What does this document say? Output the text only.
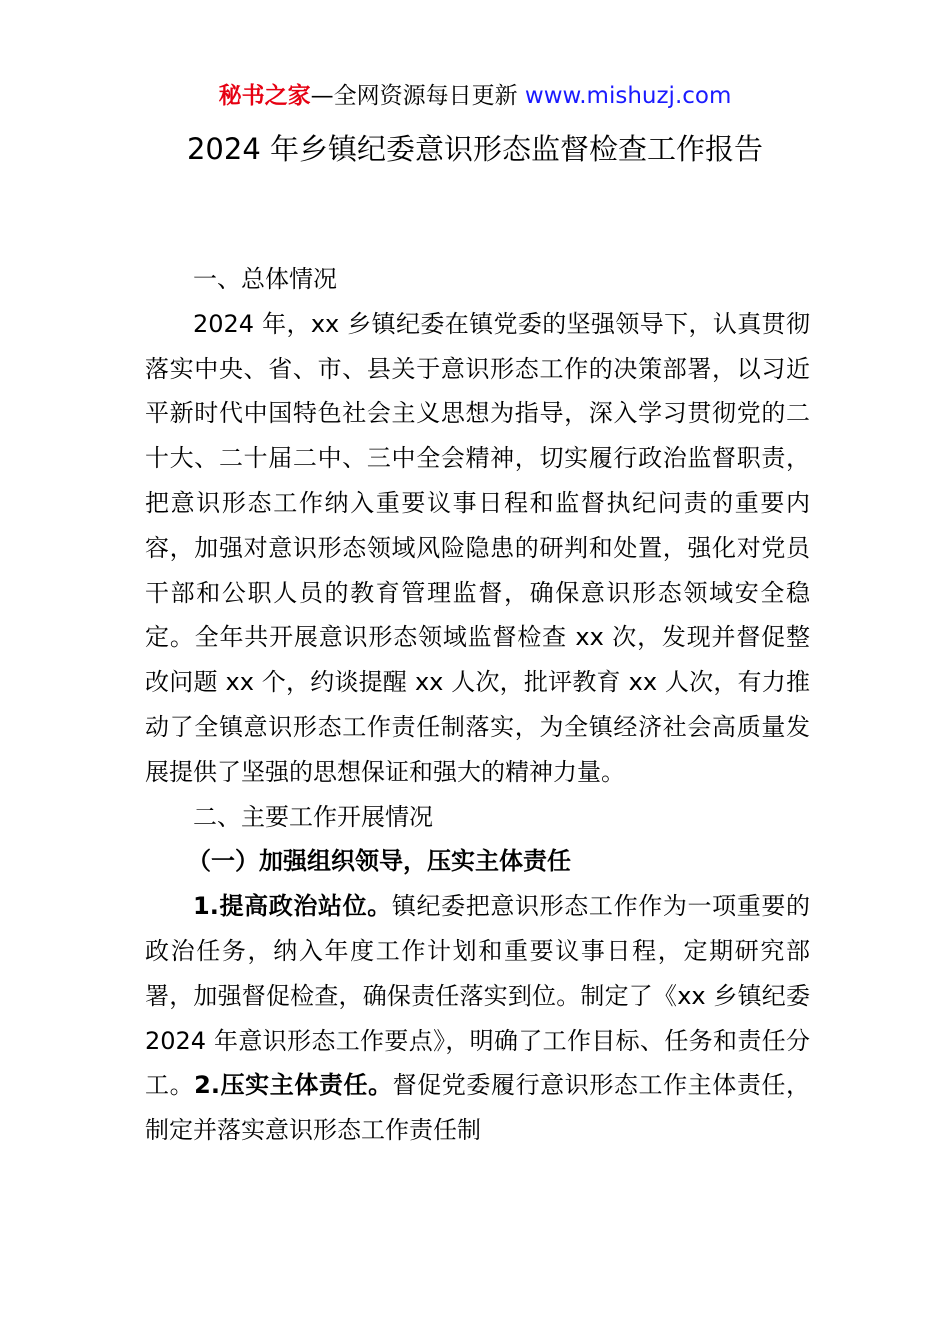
秘书之家—全网资源每日更新 www.mishuzj.com
2024 年乡镇纪委意识形态监督检查工作报告

一、总体情况

2024 年，xx 乡镇纪委在镇党委的坚强领导下，认真贯彻落实中央、省、市、县关于意识形态工作的决策部署，以习近平新时代中国特色社会主义思想为指导，深入学习贯彻党的二十大、二十届二中、三中全会精神，切实履行政治监督职责，把意识形态工作纳入重要议事日程和监督执纪问责的重要内容，加强对意识形态领域风险隐患的研判和处置，强化对党员干部和公职人员的教育管理监督，确保意识形态领域安全稳定。全年共开展意识形态领域监督检查 xx 次，发现并督促整改问题 xx 个，约谈提醒 xx 人次，批评教育 xx 人次，有力推动了全镇意识形态工作责任制落实，为全镇经济社会高质量发展提供了坚强的思想保证和强大的精神力量。

二、主要工作开展情况

（一）加强组织领导，压实主体责任

1.提高政治站位。镇纪委把意识形态工作作为一项重要的政治任务，纳入年度工作计划和重要议事日程，定期研究部署，加强督促检查，确保责任落实到位。制定了《xx 乡镇纪委 2024 年意识形态工作要点》，明确了工作目标、任务和责任分工。2.压实主体责任。督促党委履行意识形态工作主体责任，制定并落实意识形态工作责任制
